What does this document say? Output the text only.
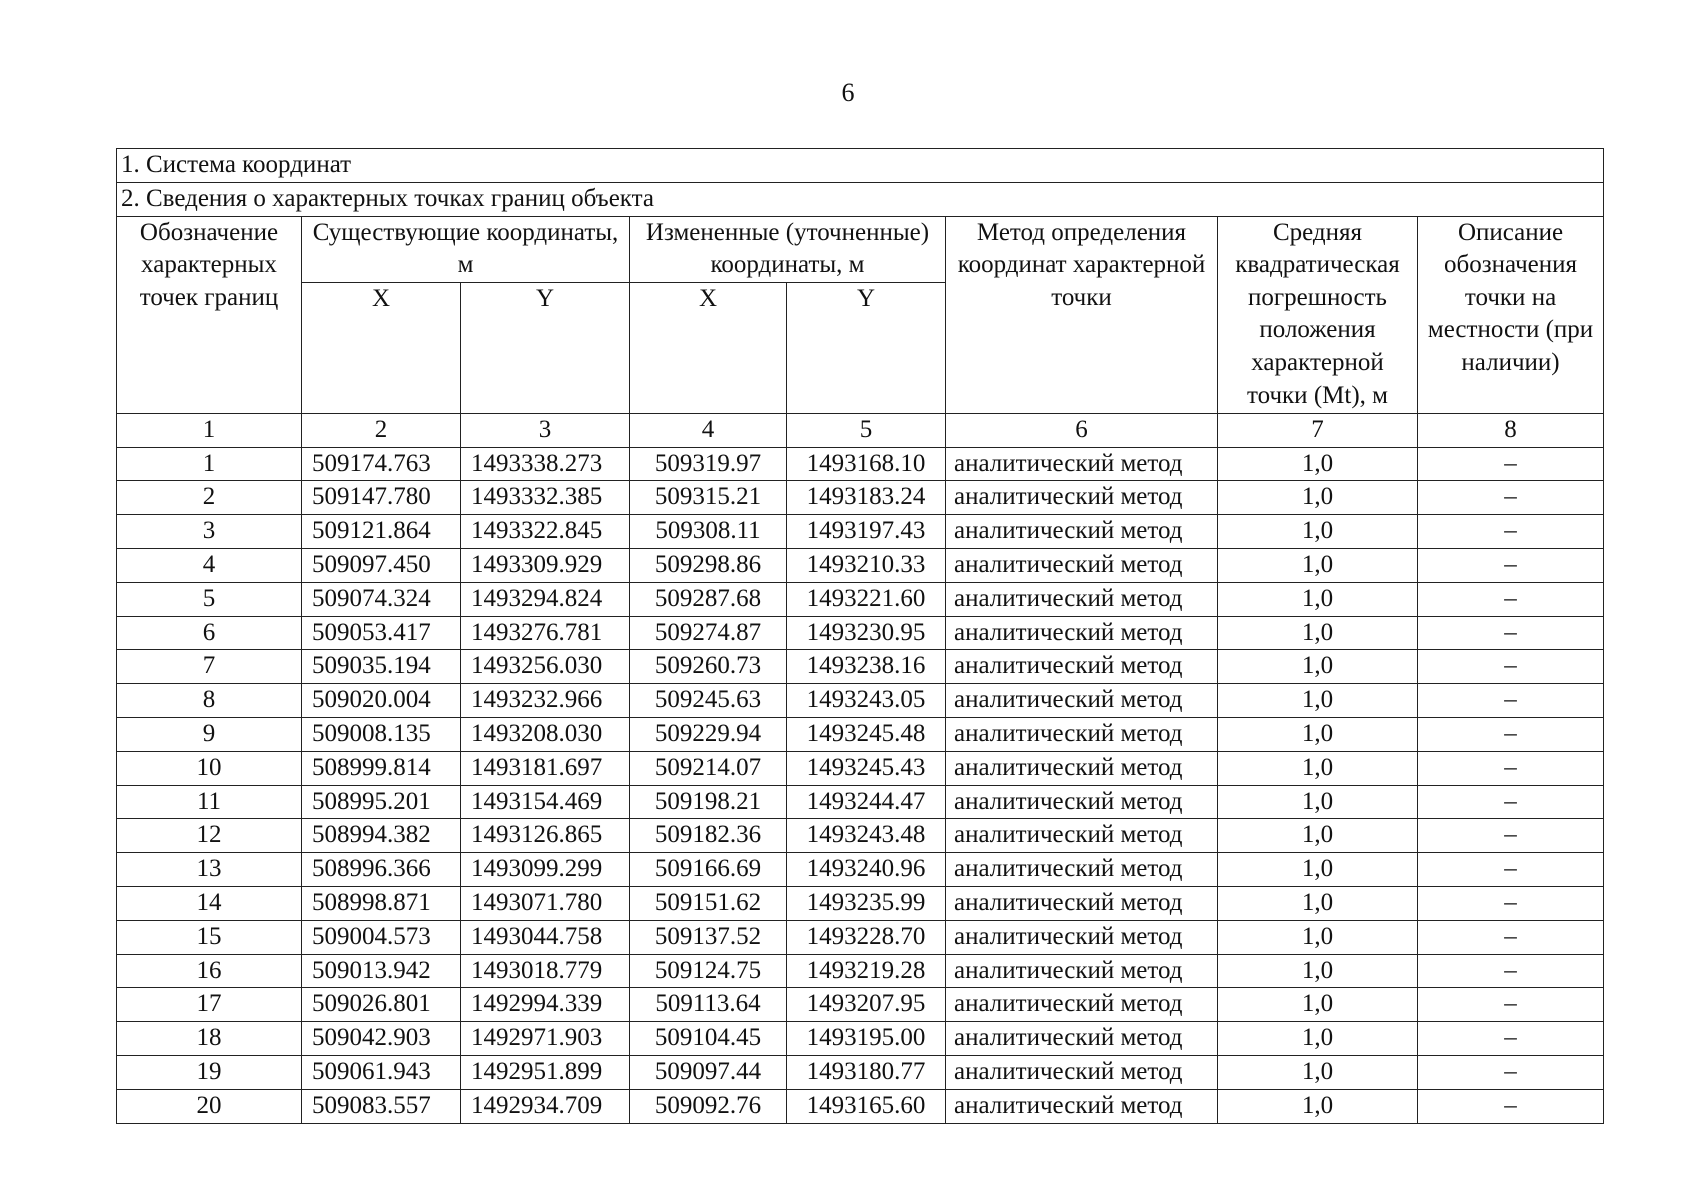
6
1. Система координат							
2. Сведения о характерных точках границ объекта							
Обозначение характерных точек границ	Существующие координаты, м		Измененные (уточненные) координаты, м		Метод определения координат характерной точки	Средняя квадратическая погрешность положения характерной точки (Mt), м	Описание обозначения точки на местности (при наличии)
	X	Y	X	Y			
1	2	3	4	5	6	7	8
1	509174.763	1493338.273	509319.97	1493168.10	аналитический метод	1,0	–
2	509147.780	1493332.385	509315.21	1493183.24	аналитический метод	1,0	–
3	509121.864	1493322.845	509308.11	1493197.43	аналитический метод	1,0	–
4	509097.450	1493309.929	509298.86	1493210.33	аналитический метод	1,0	–
5	509074.324	1493294.824	509287.68	1493221.60	аналитический метод	1,0	–
6	509053.417	1493276.781	509274.87	1493230.95	аналитический метод	1,0	–
7	509035.194	1493256.030	509260.73	1493238.16	аналитический метод	1,0	–
8	509020.004	1493232.966	509245.63	1493243.05	аналитический метод	1,0	–
9	509008.135	1493208.030	509229.94	1493245.48	аналитический метод	1,0	–
10	508999.814	1493181.697	509214.07	1493245.43	аналитический метод	1,0	–
11	508995.201	1493154.469	509198.21	1493244.47	аналитический метод	1,0	–
12	508994.382	1493126.865	509182.36	1493243.48	аналитический метод	1,0	–
13	508996.366	1493099.299	509166.69	1493240.96	аналитический метод	1,0	–
14	508998.871	1493071.780	509151.62	1493235.99	аналитический метод	1,0	–
15	509004.573	1493044.758	509137.52	1493228.70	аналитический метод	1,0	–
16	509013.942	1493018.779	509124.75	1493219.28	аналитический метод	1,0	–
17	509026.801	1492994.339	509113.64	1493207.95	аналитический метод	1,0	–
18	509042.903	1492971.903	509104.45	1493195.00	аналитический метод	1,0	–
19	509061.943	1492951.899	509097.44	1493180.77	аналитический метод	1,0	–
20	509083.557	1492934.709	509092.76	1493165.60	аналитический метод	1,0	–
